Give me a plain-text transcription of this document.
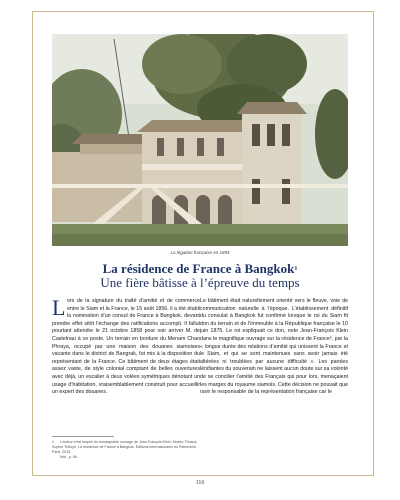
La légation française en 1894
La résidence de France à Bangkok$^1$
Une fière bâtisse à l’épreuve du temps
L ors de la signature du traité d’amitié et de commerce entre le Siam et la France, le 15 août 1856, il a été établi la nomination d’un consul de France à Bangkok, devant prendre effet sitôt l’échange des ratifications accompli. Il fallut pourtant attendre le 21 octobre 1858 pour voir arriver M. de Castelnau à ce poste. Un terrain en bordure du Menam Chao Phraya, occupé par une maison des douanes siamoises vacante dans le district de Bangrak, fut mis à la disposition du représentant de la France. Ce bâtiment de deux étages était assez vaste, de style colonial comptant de belles ouvertures avec déjà, un escalier à deux volées symétriques dénotant un usage d’habitation, vraisemblablement construit pour accueillir un expert des douanes.

Le bâtiment était naturellement orienté vers le fleuve, voie de communication naturelle à l’époque. L’établissement définitif du consulat à Bangkok fut confirmé lorsque le roi du Siam fit don du terrain et de l’immeuble à la République française le 10 juin 1875. Le roi expliquait ce don, note Jean-François Klein dans le magnifique ouvrage sur la résidence de France², par la « longue durée des relations d’amitié qui unissent la France et le Siam, et qui se sont maintenues sans avoir jamais été altérées ni troublées par aucune difficulté ». Les paroles lénifiantes du souverain ne laissent aucun doute sur sa volonté de se concilier l’amitié des Français qui pour lors, menaçaient les marges du royaume siamois. Cette décision ne pouvait que ravir le responsable de la représentation française car le

1 L’auteur s’est inspiré du remarquable ouvrage de Jean-François Klein, Moeko Thuaux, Sophie Tréluyé, La résidence de France à Bangkok, Éditions internationales du Patrimoine, Paris, 2015.
Ibid., p. 66.
116
